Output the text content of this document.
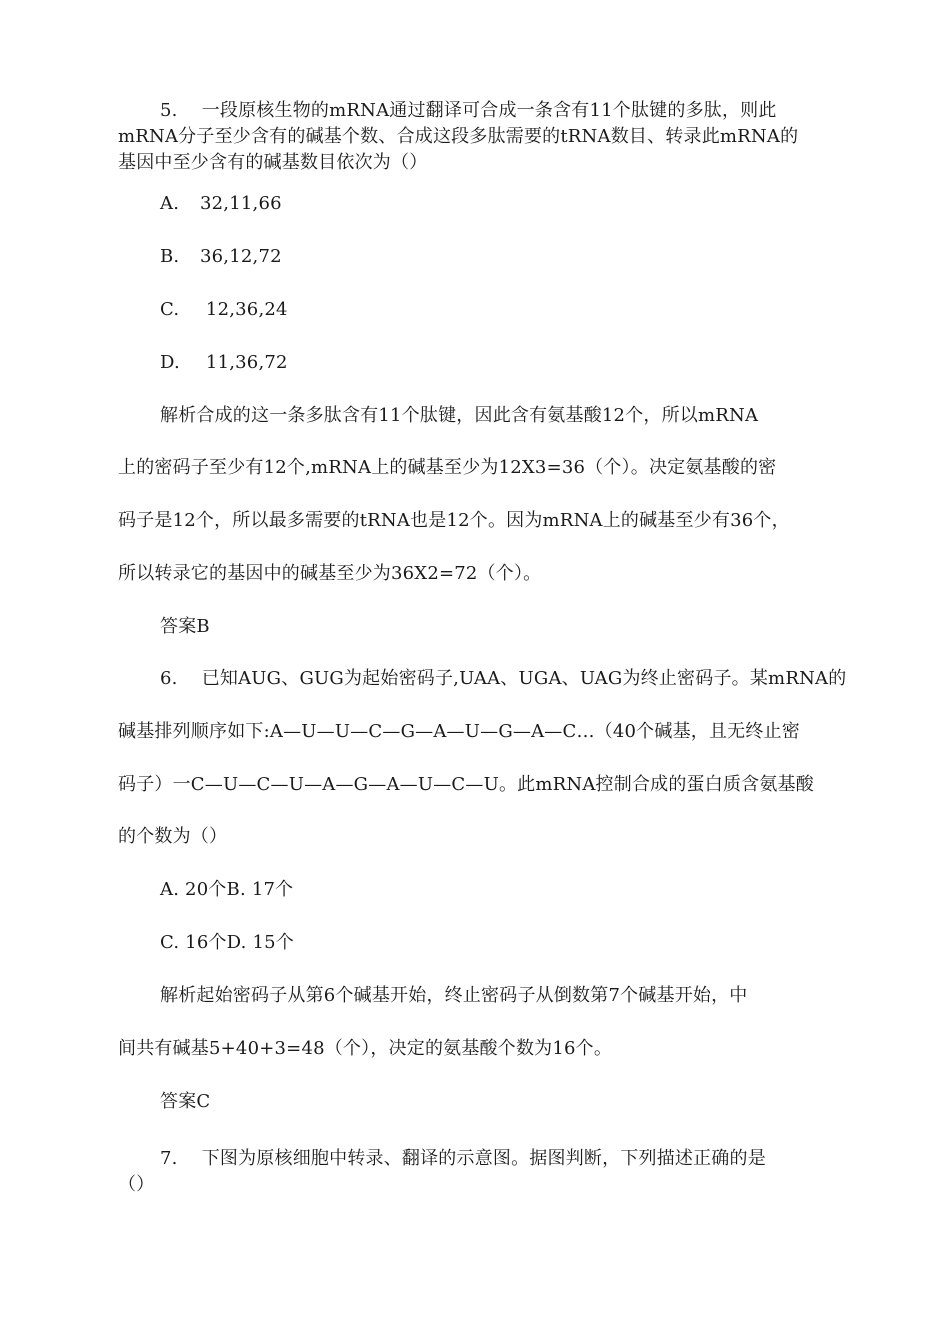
5.　 一段原核生物的mRNA通过翻译可合成一条含有11个肽键的多肽，则此
mRNA分子至少含有的碱基个数、合成这段多肽需要的tRNA数目、转录此mRNA的
基因中至少含有的碱基数目依次为（）
A. 32,11,66
B. 36,12,72
C. 12,36,24
D. 11,36,72
解析合成的这一条多肽含有11个肽键，因此含有氨基酸12个，所以mRNA
上的密码子至少有12个,mRNA上的碱基至少为12X3=36（个）。决定氨基酸的密
码子是12个，所以最多需要的tRNA也是12个。因为mRNA上的碱基至少有36个，
所以转录它的基因中的碱基至少为36X2=72（个）。
答案B
6.　 已知AUG、GUG为起始密码子,UAA、UGA、UAG为终止密码子。某mRNA的
碱基排列顺序如下:A—U—U—C—G—A—U—G—A—C…（40个碱基，且无终止密
码子）一C—U—C—U—A—G—A—U—C—U。此mRNA控制合成的蛋白质含氨基酸
的个数为（）
A. 20个B. 17个
C. 16个D. 15个
解析起始密码子从第6个碱基开始，终止密码子从倒数第7个碱基开始，中
间共有碱基5+40+3=48（个），决定的氨基酸个数为16个。
答案C
7.　 下图为原核细胞中转录、翻译的示意图。据图判断，下列描述正确的是
（）
